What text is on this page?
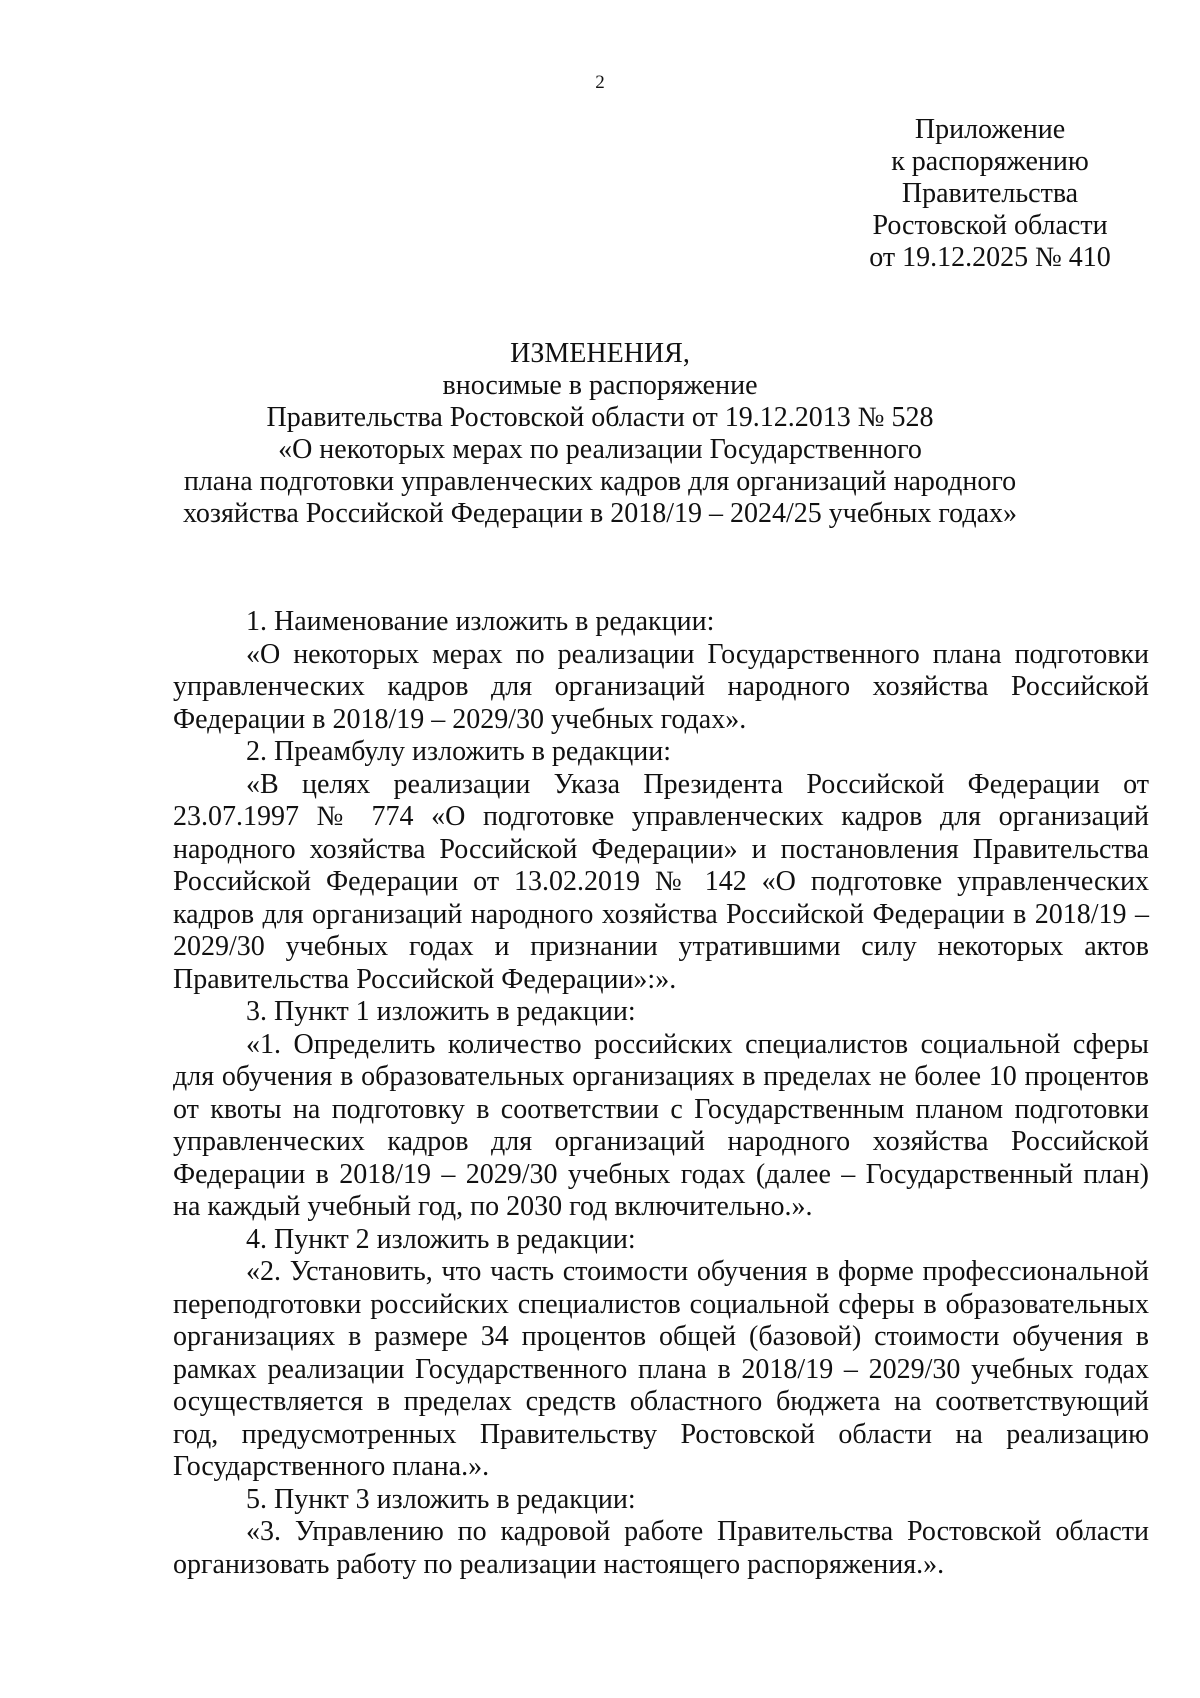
2
Приложение
к распоряжению
Правительства
Ростовской области
от 19.12.2025 № 410
ИЗМЕНЕНИЯ,
вносимые в распоряжение
Правительства Ростовской области от 19.12.2013 № 528
«О некоторых мерах по реализации Государственного
плана подготовки управленческих кадров для организаций народного
хозяйства Российской Федерации в 2018/19 – 2024/25 учебных годах»

1. Наименование изложить в редакции:

«О некоторых мерах по реализации Государственного плана подготовки управленческих кадров для организаций народного хозяйства Российской Федерации в 2018/19 – 2029/30 учебных годах».

2. Преамбулу изложить в редакции:

«В целях реализации Указа Президента Российской Федерации от 23.07.1997 № 774 «О подготовке управленческих кадров для организаций народного хозяйства Российской Федерации» и постановления Правительства Российской Федерации от 13.02.2019 № 142 «О подготовке управленческих кадров для организаций народного хозяйства Российской Федерации в 2018/19 – 2029/30 учебных годах и признании утратившими силу некоторых актов Правительства Российской Федерации»:».

3. Пункт 1 изложить в редакции:

«1. Определить количество российских специалистов социальной сферы для обучения в образовательных организациях в пределах не более 10 процентов от квоты на подготовку в соответствии с Государственным планом подготовки управленческих кадров для организаций народного хозяйства Российской Федерации в 2018/19 – 2029/30 учебных годах (далее – Государственный план) на каждый учебный год, по 2030 год включительно.».

4. Пункт 2 изложить в редакции:

«2. Установить, что часть стоимости обучения в форме профессиональной переподготовки российских специалистов социальной сферы в образовательных организациях в размере 34 процентов общей (базовой) стоимости обучения в рамках реализации Государственного плана в 2018/19 – 2029/30 учебных годах осуществляется в пределах средств областного бюджета на соответствующий год, предусмотренных Правительству Ростовской области на реализацию Государственного плана.».

5. Пункт 3 изложить в редакции:

«3. Управлению по кадровой работе Правительства Ростовской области организовать работу по реализации настоящего распоряжения.».
